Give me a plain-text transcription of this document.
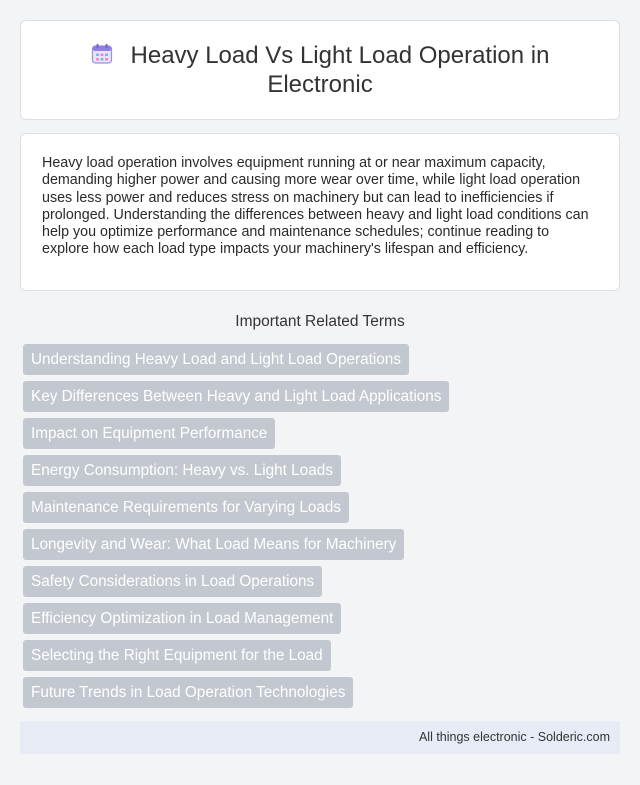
Heavy Load Vs Light Load Operation in Electronic

Heavy load operation involves equipment running at or near maximum capacity, demanding higher power and causing more wear over time, while light load operation uses less power and reduces stress on machinery but can lead to inefficiencies if prolonged. Understanding the differences between heavy and light load conditions can help you optimize performance and maintenance schedules; continue reading to explore how each load type impacts your machinery's lifespan and efficiency.

Important Related Terms
Understanding Heavy Load and Light Load Operations
Key Differences Between Heavy and Light Load Applications
Impact on Equipment Performance
Energy Consumption: Heavy vs. Light Loads
Maintenance Requirements for Varying Loads
Longevity and Wear: What Load Means for Machinery
Safety Considerations in Load Operations
Efficiency Optimization in Load Management
Selecting the Right Equipment for the Load
Future Trends in Load Operation Technologies
All things electronic - Solderic.com
